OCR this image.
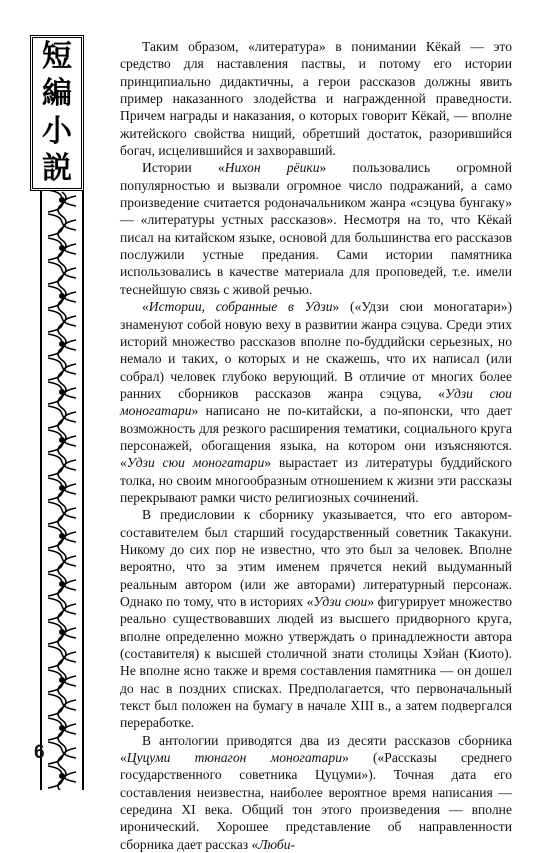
短
編
小
説

Таким образом, «литература» в понимании Кёкай — это средство для наставления паствы, и потому его истории принципиально дидактичны, а герои рассказов должны явить пример наказанного злодейства и награжденной праведности. Причем награды и наказания, о которых говорит Кёкай, — вполне житейского свойства нищий, обретший достаток, разорившийся богач, исцелившийся и захворавший.

Истории «Нихон рёики» пользовались огромной популярностью и вызвали огромное число подражаний, а само произведение считается родоначальником жанра «сэцува бунгаку» — «литературы устных рассказов». Несмотря на то, что Кёкай писал на китайском языке, основой для большинства его рассказов послужили устные предания. Сами истории памятника использовались в качестве материала для проповедей, т.е. имели теснейшую связь с живой речью.

«Истории, собранные в Удзи» («Удзи сюи моногатари») знаменуют собой новую веху в развитии жанра сэцува. Среди этих историй множество рассказов вполне по-буддийски серьезных, но немало и таких, о которых и не скажешь, что их написал (или собрал) человек глубоко верующий. В отличие от многих более ранних сборников рассказов жанра сэцува, «Удзи сюи моногатари» написано не по-китайски, а по-японски, что дает возможность для резкого расширения тематики, социального круга персонажей, обогащения языка, на котором они изъясняются. «Удзи сюи моногатари» вырастает из литературы буддийского толка, но своим многообразным отношением к жизни эти рассказы перекрывают рамки чисто религиозных сочинений.

В предисловии к сборнику указывается, что его автором-составителем был старший государственный советник Такакуни. Никому до сих пор не известно, что это был за человек. Вполне вероятно, что за этим именем прячется некий выдуманный реальным автором (или же авторами) литературный персонаж. Однако по тому, что в историях «Удзи сюи» фигурирует множество реально существовавших людей из высшего придворного круга, вполне определенно можно утверждать о принадлежности автора (составителя) к высшей столичной знати столицы Хэйан (Киото). Не вполне ясно также и время составления памятника — он дошел до нас в поздних списках. Предполагается, что первоначальный текст был положен на бумагу в начале XIII в., а затем подвергался переработке.

В антологии приводятся два из десяти рассказов сборника «Цуцуми тюнагон моногатари» («Рассказы среднего государственного советника Цуцуми»). Точная дата его составления неизвестна, наиболее вероятное время написания — середина XI века. Общий тон этого произведения — вполне иронический. Хорошее представление об направленности сборника дает рассказ «Люби-

6
